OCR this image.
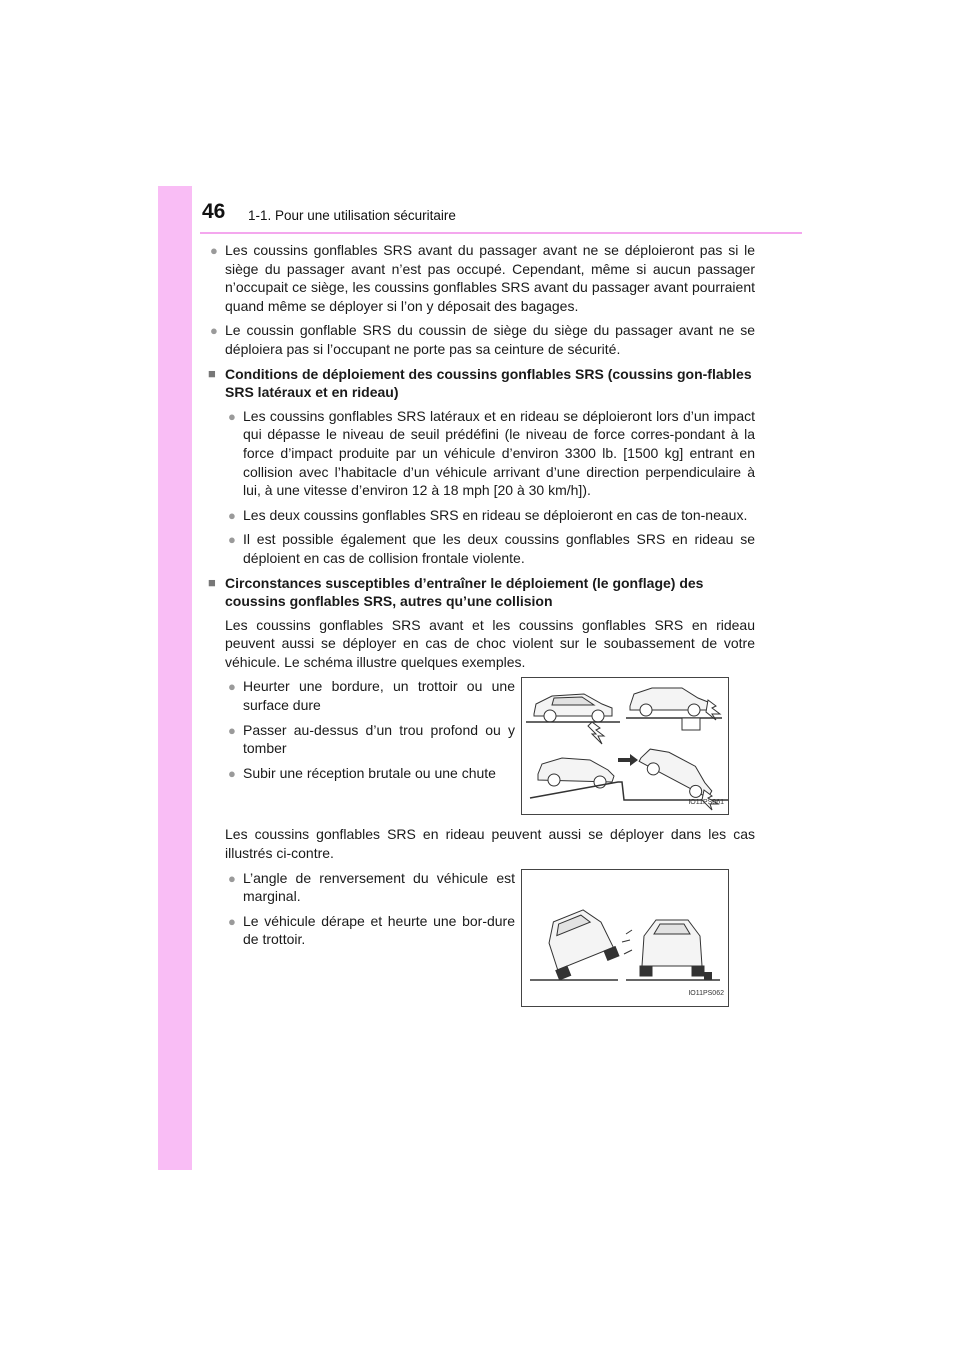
46 1-1. Pour une utilisation sécuritaire
● Les coussins gonflables SRS avant du passager avant ne se déploieront pas si le siège du passager avant n’est pas occupé. Cependant, même si aucun passager n’occupait ce siège, les coussins gonflables SRS avant du passager avant pourraient quand même se déployer si l’on y déposait des bagages.
● Le coussin gonflable SRS du coussin de siège du siège du passager avant ne se déploiera pas si l’occupant ne porte pas sa ceinture de sécurité.
■ Conditions de déploiement des coussins gonflables SRS (coussins gon-flables SRS latéraux et en rideau)
● Les coussins gonflables SRS latéraux et en rideau se déploieront lors d’un impact qui dépasse le niveau de seuil prédéfini (le niveau de force corres-pondant à la force d’impact produite par un véhicule d’environ 3300 lb. [1500 kg] entrant en collision avec l’habitacle d’un véhicule arrivant d’une direction perpendiculaire à lui, à une vitesse d’environ 12 à 18 mph [20 à 30 km/h]).
● Les deux coussins gonflables SRS en rideau se déploieront en cas de ton-neaux.
● Il est possible également que les deux coussins gonflables SRS en rideau se déploient en cas de collision frontale violente.
■ Circonstances susceptibles d’entraîner le déploiement (le gonflage) des coussins gonflables SRS, autres qu’une collision
Les coussins gonflables SRS avant et les coussins gonflables SRS en rideau peuvent aussi se déployer en cas de choc violent sur le soubassement de votre véhicule. Le schéma illustre quelques exemples.
● Heurter une bordure, un trottoir ou une surface dure
● Passer au-dessus d’un trou profond ou y tomber
● Subir une réception brutale ou une chute
IO11PS061
Les coussins gonflables SRS en rideau peuvent aussi se déployer dans les cas illustrés ci-contre.
● L’angle de renversement du véhicule est marginal.
● Le véhicule dérape et heurte une bor-dure de trottoir.
IO11PS062
